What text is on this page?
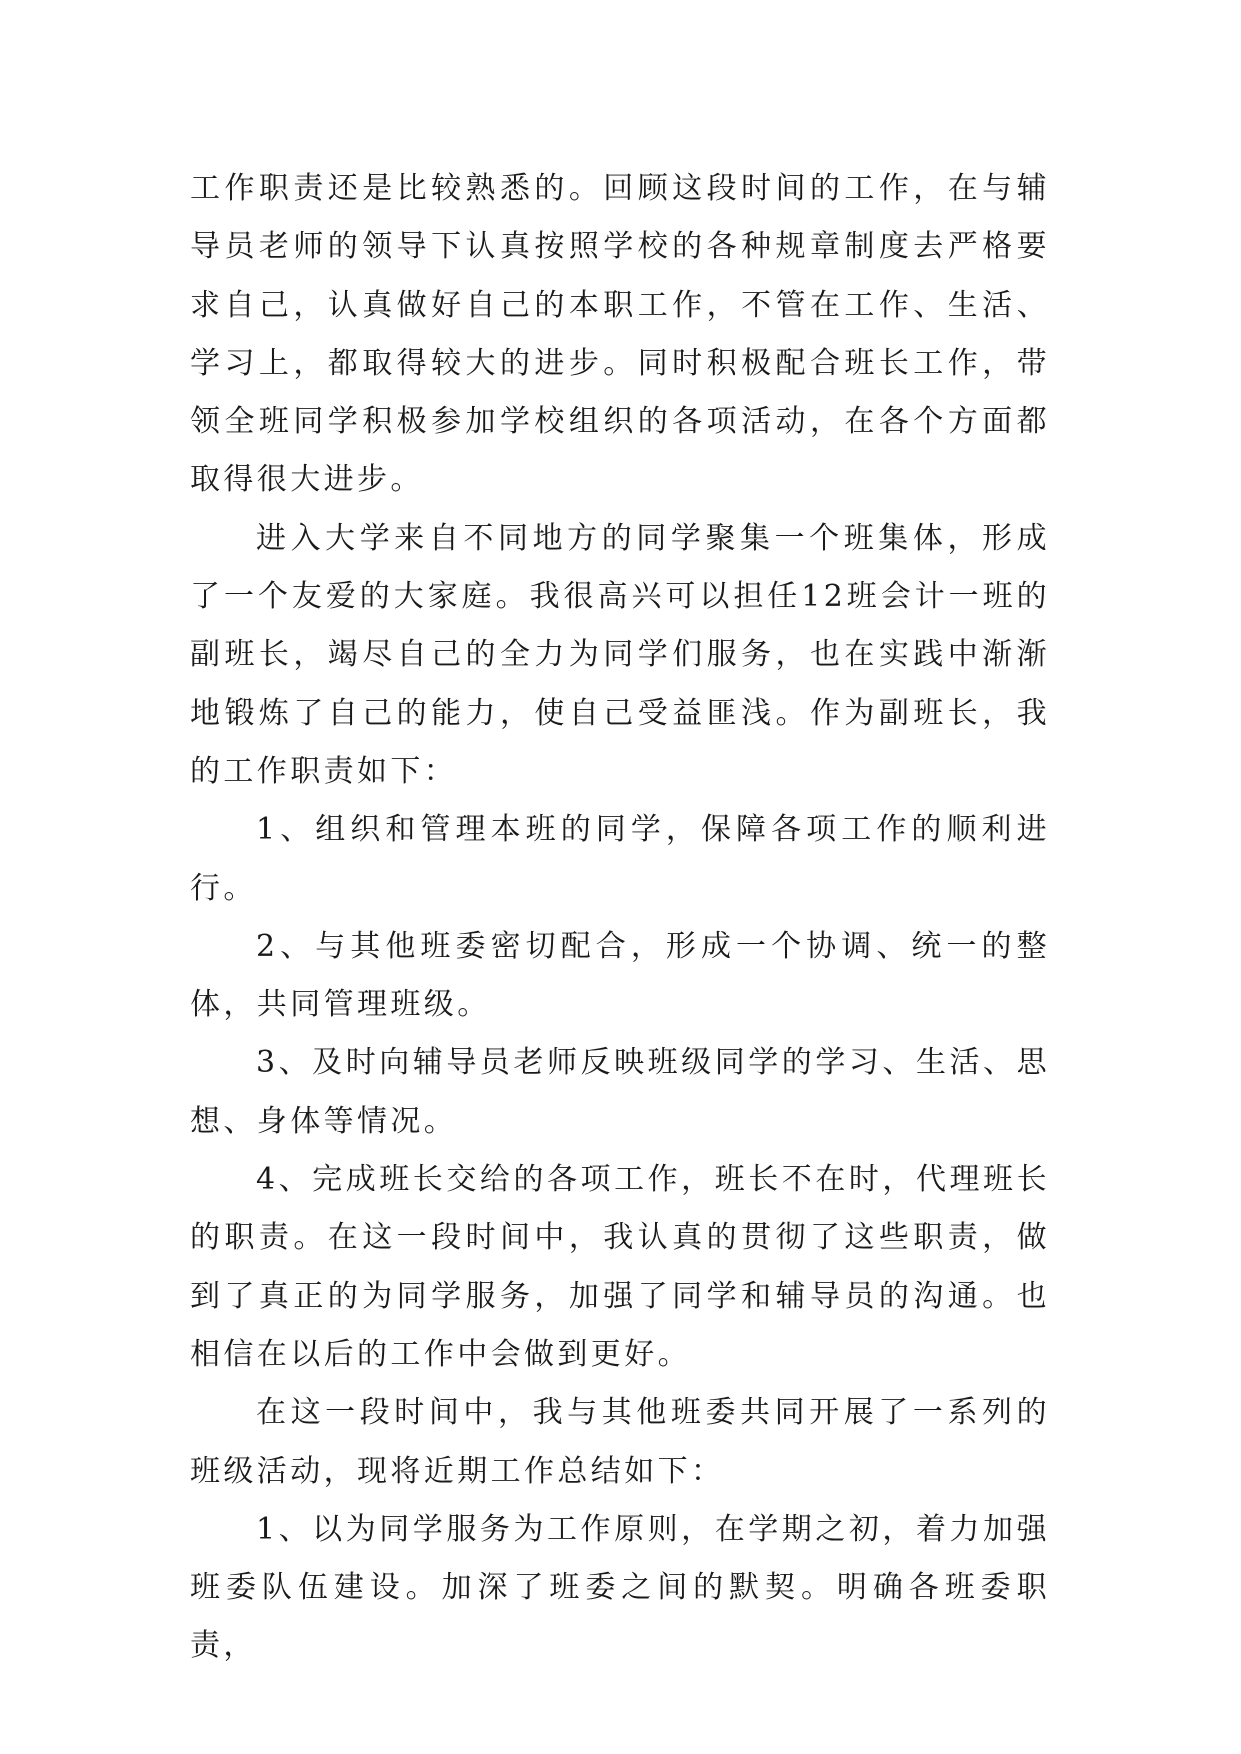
工作职责还是比较熟悉的。回顾这段时间的工作，在与辅导员老师的领导下认真按照学校的各种规章制度去严格要求自己，认真做好自己的本职工作，不管在工作、生活、学习上，都取得较大的进步。同时积极配合班长工作，带领全班同学积极参加学校组织的各项活动，在各个方面都取得很大进步。

进入大学来自不同地方的同学聚集一个班集体，形成了一个友爱的大家庭。我很高兴可以担任12班会计一班的副班长，竭尽自己的全力为同学们服务，也在实践中渐渐地锻炼了自己的能力，使自己受益匪浅。作为副班长，我的工作职责如下：

1、组织和管理本班的同学，保障各项工作的顺利进行。

2、与其他班委密切配合，形成一个协调、统一的整体，共同管理班级。

3、及时向辅导员老师反映班级同学的学习、生活、思想、身体等情况。

4、完成班长交给的各项工作，班长不在时，代理班长的职责。在这一段时间中，我认真的贯彻了这些职责，做到了真正的为同学服务，加强了同学和辅导员的沟通。也相信在以后的工作中会做到更好。

在这一段时间中，我与其他班委共同开展了一系列的班级活动，现将近期工作总结如下：

1、以为同学服务为工作原则，在学期之初，着力加强班委队伍建设。加深了班委之间的默契。明确各班委职责，
